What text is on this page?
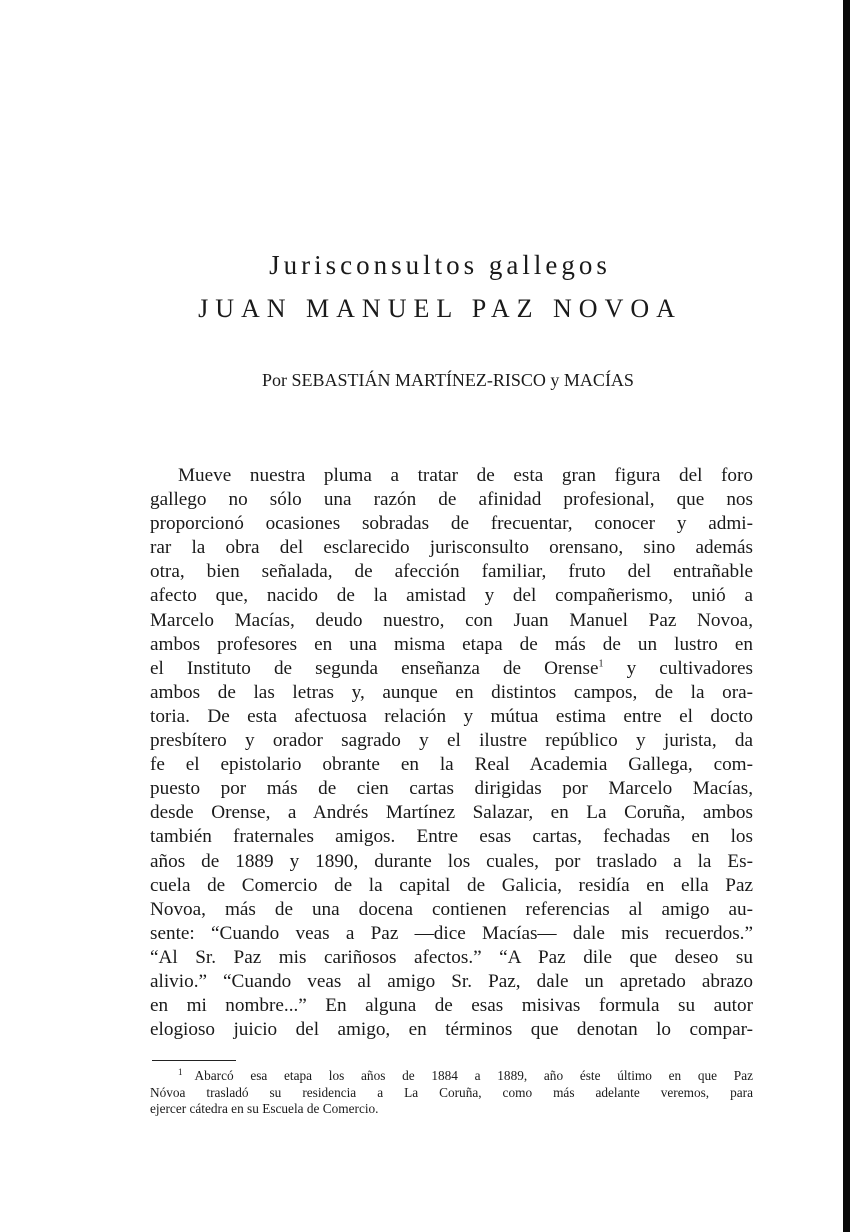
Jurisconsultos gallegos
JUAN MANUEL PAZ NOVOA
Por SEBASTIÁN MARTÍNEZ-RISCO y MACÍAS
Mueve nuestra pluma a tratar de esta gran figura del foro
gallego no sólo una razón de afinidad profesional, que nos
proporcionó ocasiones sobradas de frecuentar, conocer y admi-
rar la obra del esclarecido jurisconsulto orensano, sino además
otra, bien señalada, de afección familiar, fruto del entrañable
afecto que, nacido de la amistad y del compañerismo, unió a
Marcelo Macías, deudo nuestro, con Juan Manuel Paz Novoa,
ambos profesores en una misma etapa de más de un lustro en
el Instituto de segunda enseñanza de Orense$^1$ y cultivadores
ambos de las letras y, aunque en distintos campos, de la ora-
toria. De esta afectuosa relación y mútua estima entre el docto
presbítero y orador sagrado y el ilustre repúblico y jurista, da
fe el epistolario obrante en la Real Academia Gallega, com-
puesto por más de cien cartas dirigidas por Marcelo Macías,
desde Orense, a Andrés Martínez Salazar, en La Coruña, ambos
también fraternales amigos. Entre esas cartas, fechadas en los
años de 1889 y 1890, durante los cuales, por traslado a la Es-
cuela de Comercio de la capital de Galicia, residía en ella Paz
Novoa, más de una docena contienen referencias al amigo au-
sente: “Cuando veas a Paz —dice Macías— dale mis recuerdos.”
“Al Sr. Paz mis cariñosos afectos.” “A Paz dile que deseo su
alivio.” “Cuando veas al amigo Sr. Paz, dale un apretado abrazo
en mi nombre...” En alguna de esas misivas formula su autor
elogioso juicio del amigo, en términos que denotan lo compar-
$^1$ Abarcó esa etapa los años de 1884 a 1889, año éste último en que Paz
Nóvoa trasladó su residencia a La Coruña, como más adelante veremos, para
ejercer cátedra en su Escuela de Comercio.
